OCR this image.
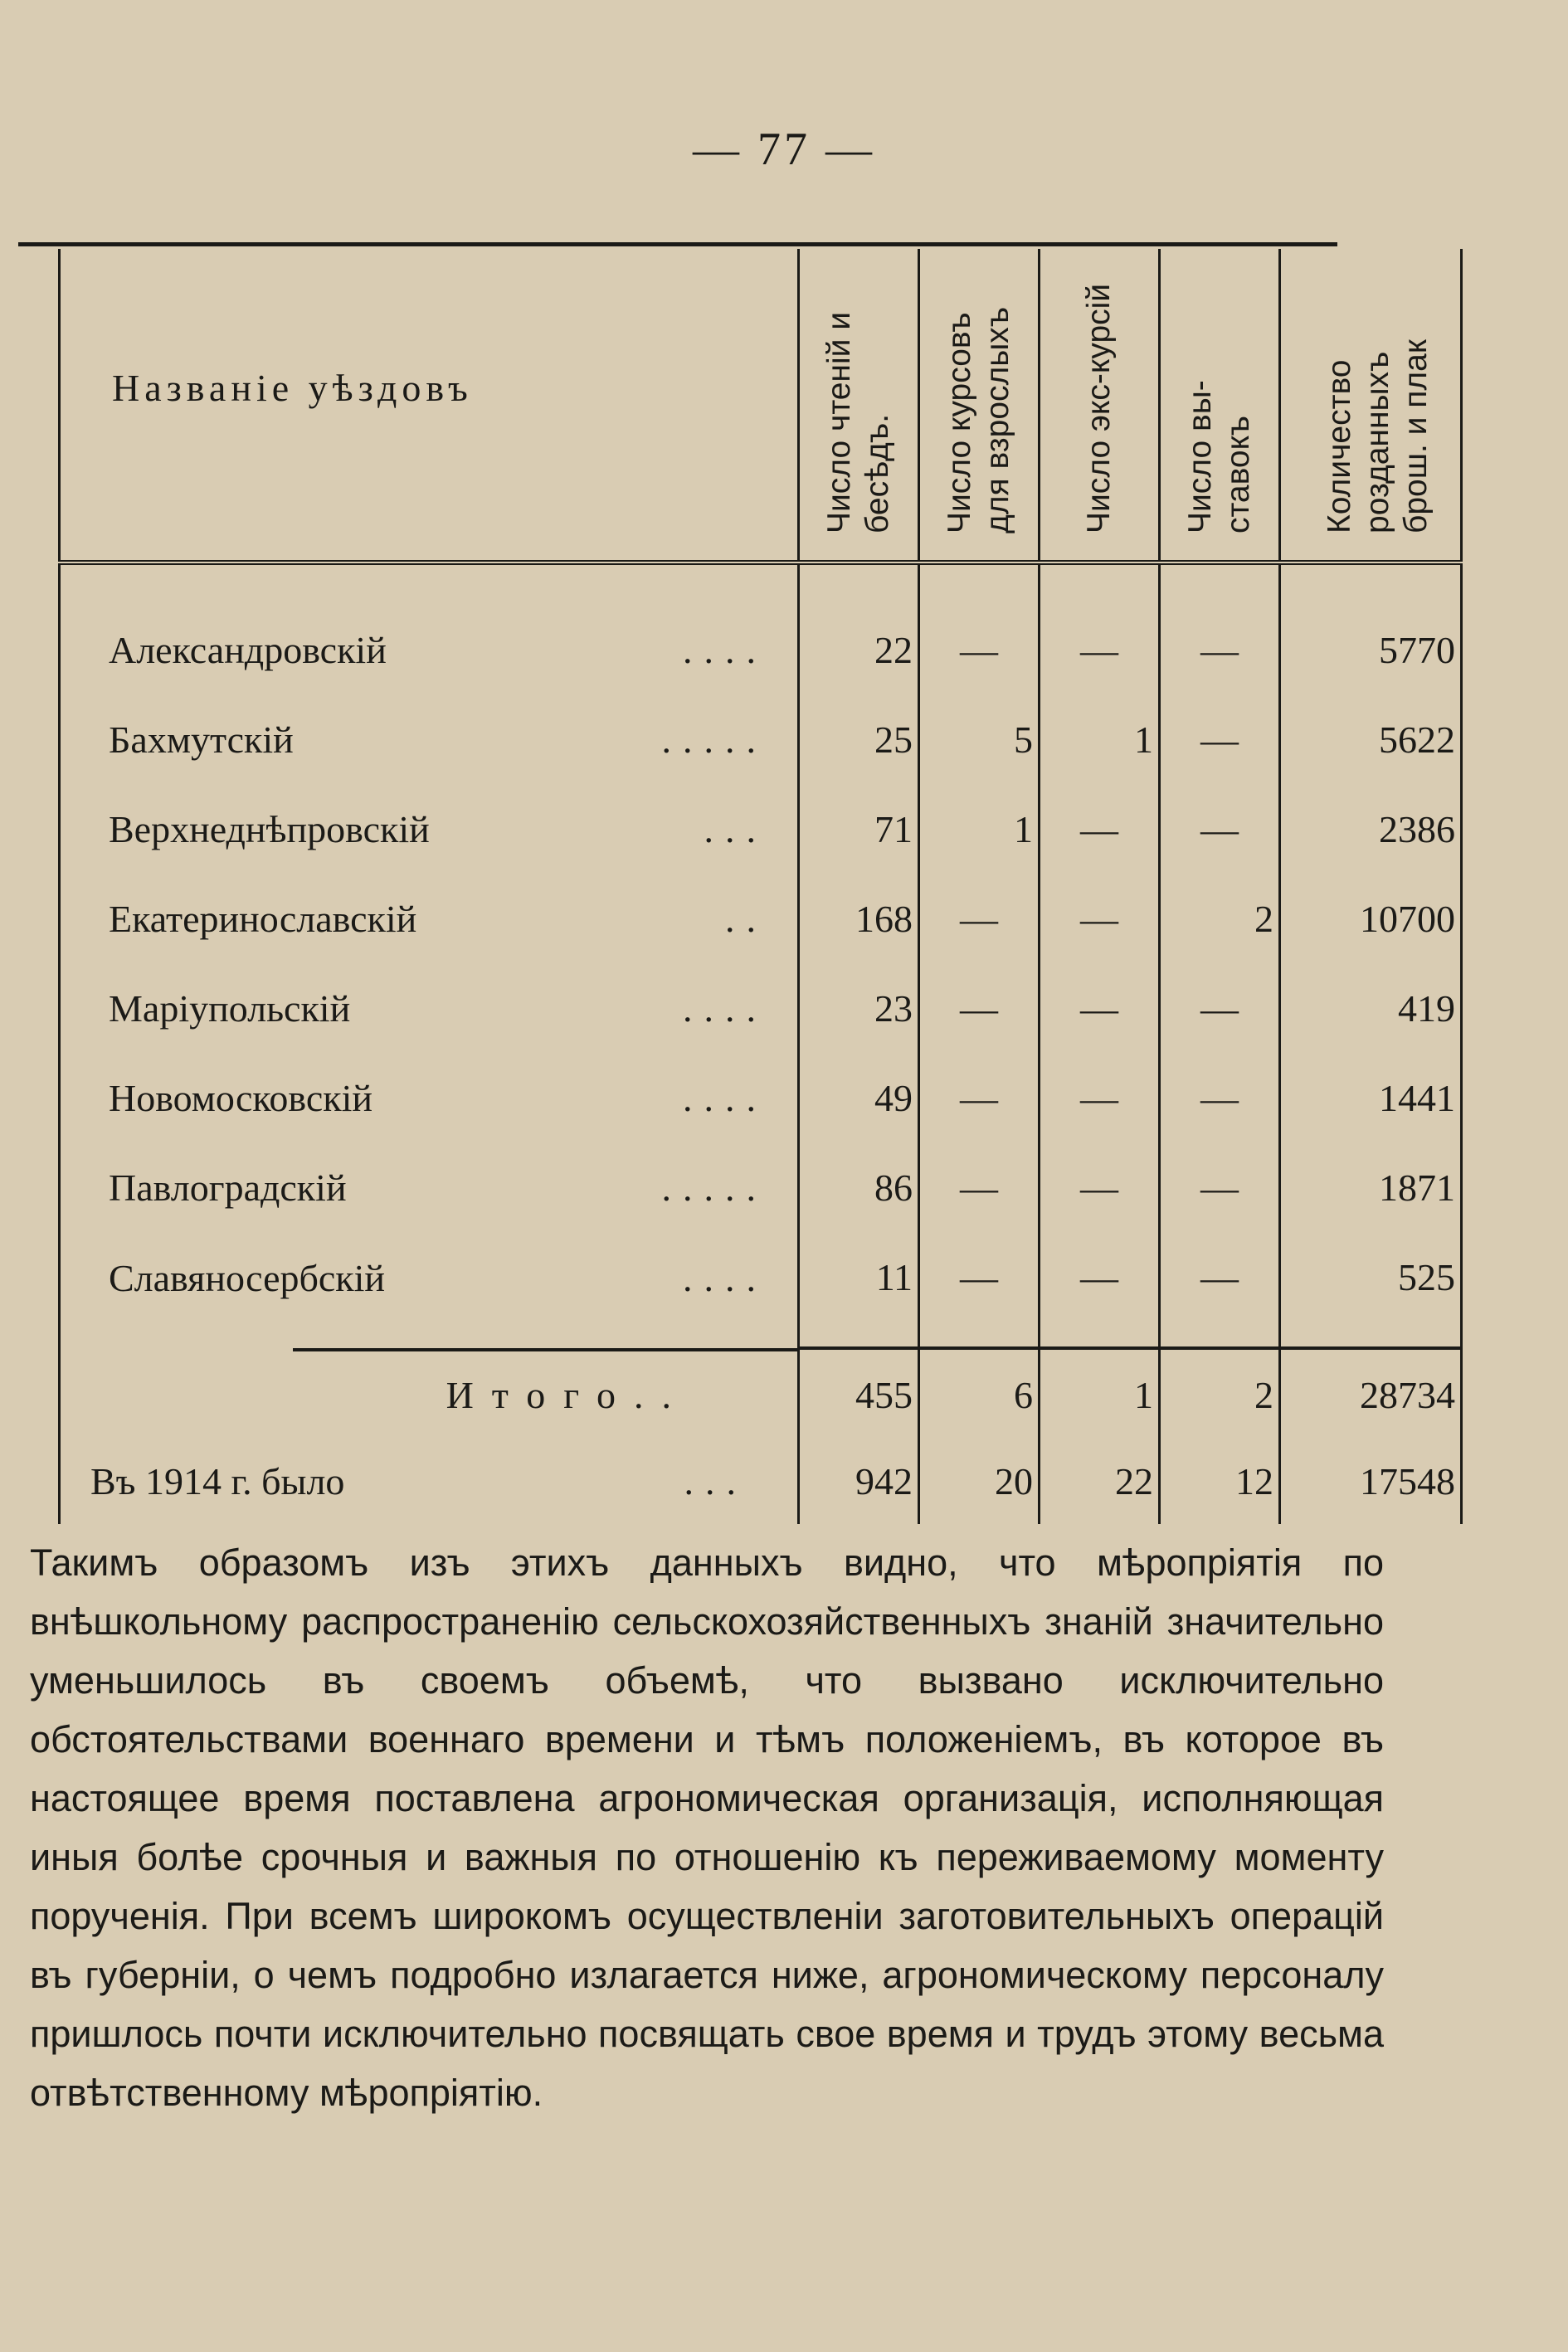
— 77 —
Названіе уѣздовъ	Число чтеній и бесѣдъ.	Число курсовъ для взрослыхъ	Число экс-курсій	Число вы-ставокъ	Количество розданныхъ брош. и плак
Александровскій ....	22	—	—	—	5770
Бахмутскій .....	25	5	1	—	5622
Верхнеднѣпровскій ...	71	1	—	—	2386
Екатеринославскій ..	168	—	—	2	10700
Маріупольскій ....	23	—	—	—	419
Новомосковскій ....	49	—	—	—	1441
Павлоградскій .....	86	—	—	—	1871
Славяносербскій ....	11	—	—	—	525

Итого..	455	6	1	2	28734
Въ 1914 г. было ...	942	20	22	12	17548

Такимъ образомъ изъ этихъ данныхъ видно, что мѣропріятія по внѣшкольному распространенію сельскохозяйственныхъ знаній значительно уменьшилось въ своемъ объемѣ, что вызвано исключительно обстоятельствами военнаго времени и тѣмъ положеніемъ, въ которое въ настоящее время поставлена агрономическая организація, исполняющая иныя болѣе срочныя и важныя по отношенію къ переживаемому моменту порученія. При всемъ широкомъ осуществленіи заготовительныхъ операцій въ губерніи, о чемъ подробно излагается ниже, агрономическому персоналу пришлось почти исключительно посвящать свое время и трудъ этому весьма отвѣтственному мѣропріятію.
